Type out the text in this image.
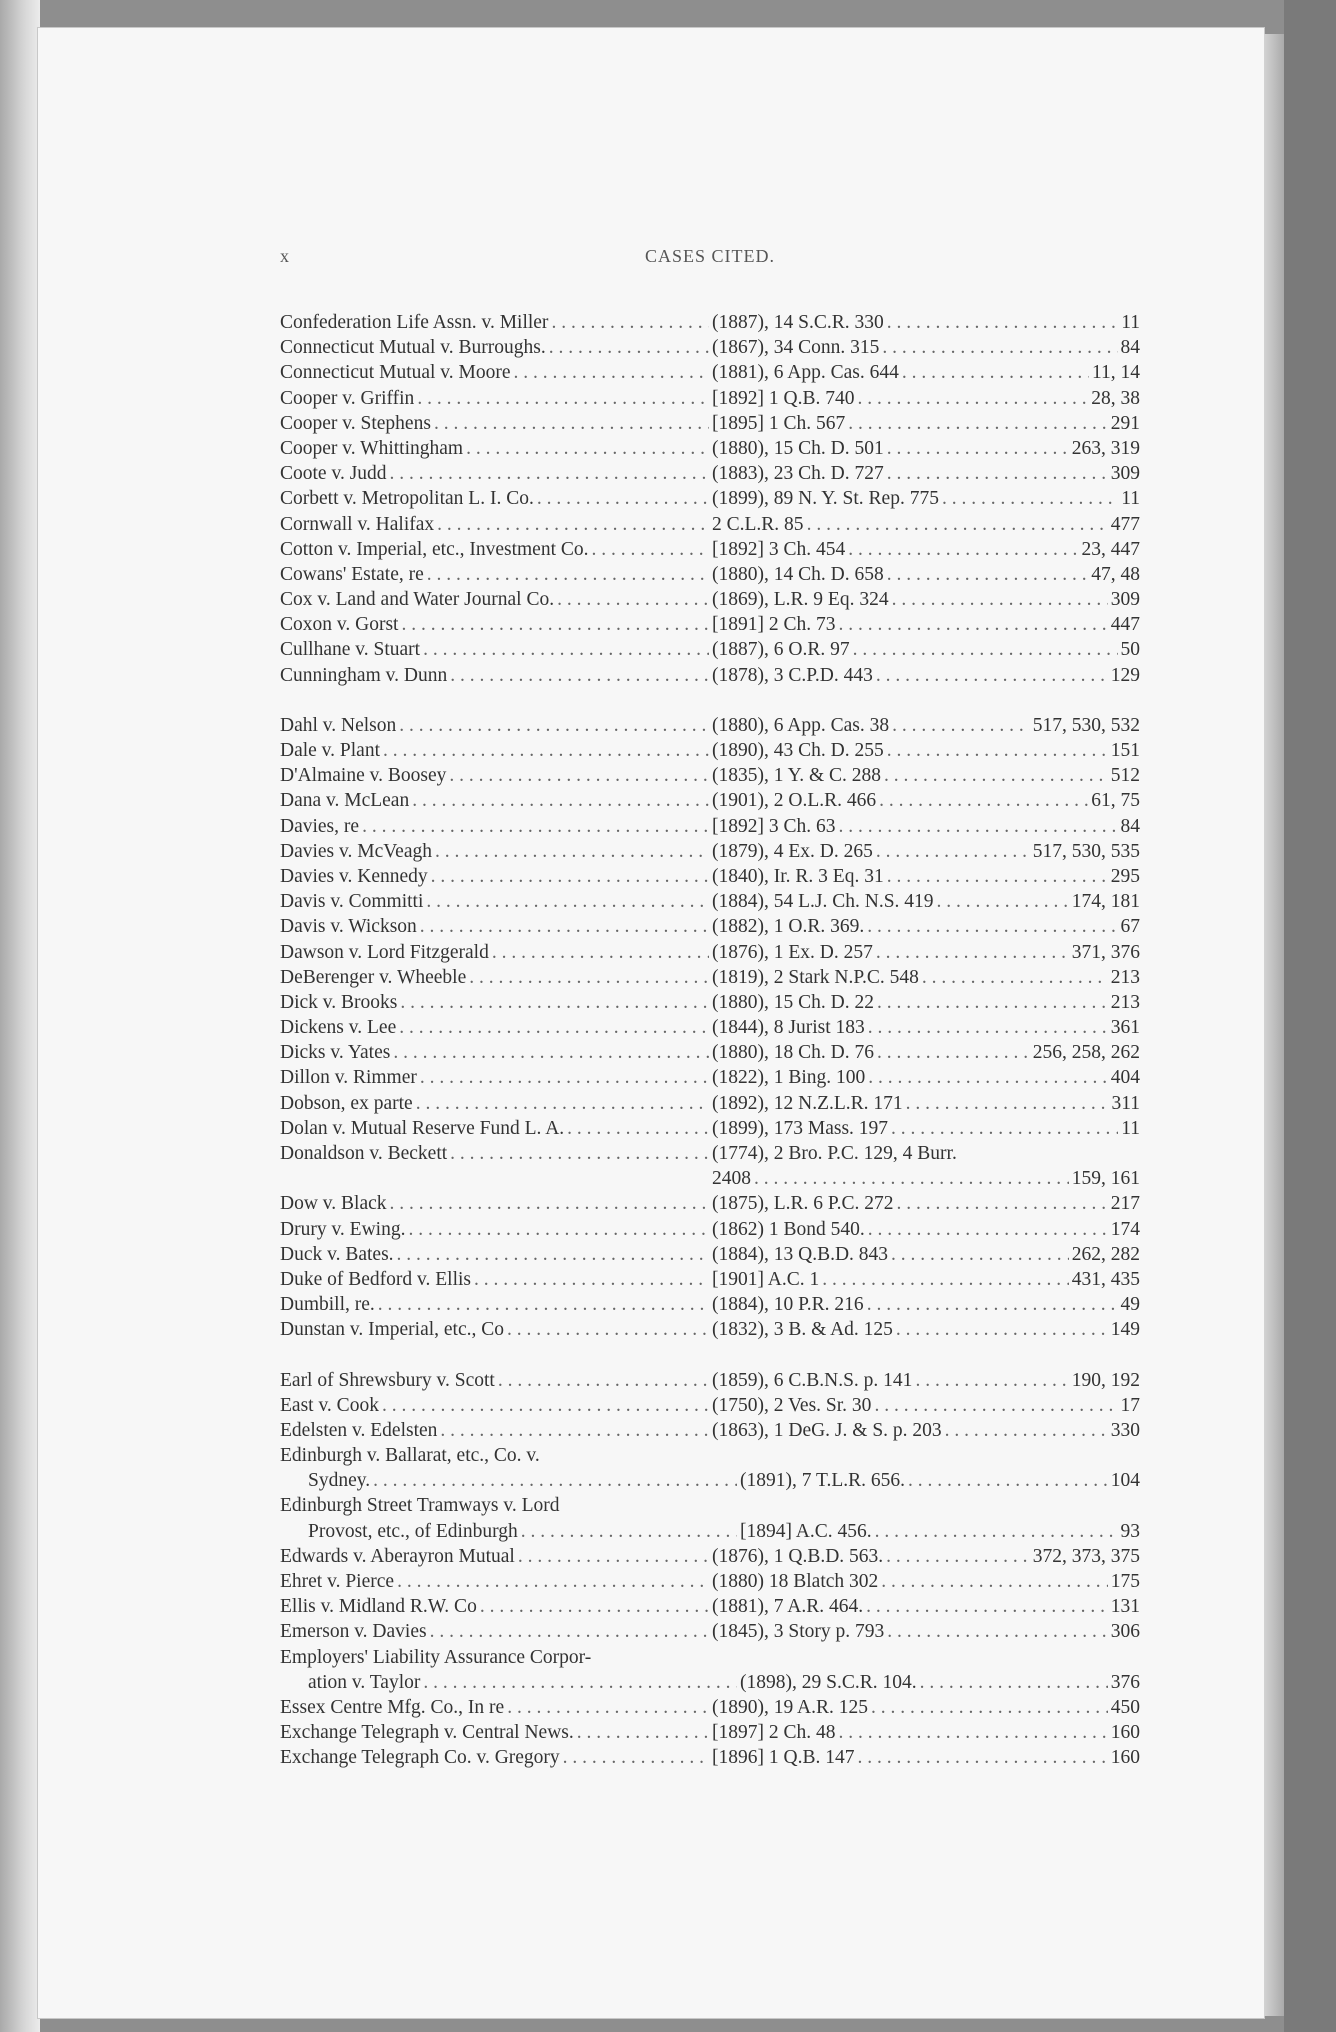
x	CASES CITED.
Confederation Life Assn. v. Miller . . .	(1887), 14 S.C.R. 330 . . .	11
Connecticut Mutual v. Burroughs. . . .	(1867), 34 Conn. 315 . . .	84
Connecticut Mutual v. Moore . . .	(1881), 6 App. Cas. 644 . . .	11, 14
Cooper v. Griffin . . .	[1892] 1 Q.B. 740 . . .	28, 38
Cooper v. Stephens . . .	[1895] 1 Ch. 567 . . .	291
Cooper v. Whittingham . . .	(1880), 15 Ch. D. 501 . . .	263, 319
Coote v. Judd . . .	(1883), 23 Ch. D. 727 . . .	309
Corbett v. Metropolitan L. I. Co. . . .	(1899), 89 N. Y. St. Rep. 775 . . .	11
Cornwall v. Halifax . . .	2 C.L.R. 85 . . .	477
Cotton v. Imperial, etc., Investment Co. . . .	[1892] 3 Ch. 454 . . .	23, 447
Cowans' Estate, re . . .	(1880), 14 Ch. D. 658 . . .	47, 48
Cox v. Land and Water Journal Co. . . .	(1869), L.R. 9 Eq. 324 . . .	309
Coxon v. Gorst . . .	[1891] 2 Ch. 73 . . .	447
Cullhane v. Stuart . . .	(1887), 6 O.R. 97 . . .	50
Cunningham v. Dunn . . .	(1878), 3 C.P.D. 443 . . .	129
Dahl v. Nelson . . .	(1880), 6 App. Cas. 38 . . .	517, 530, 532
Dale v. Plant . . .	(1890), 43 Ch. D. 255 . . .	151
D'Almaine v. Boosey . . .	(1835), 1 Y. & C. 288 . . .	512
Dana v. McLean . . .	(1901), 2 O.L.R. 466 . . .	61, 75
Davies, re . . .	[1892] 3 Ch. 63 . . .	84
Davies v. McVeagh . . .	(1879), 4 Ex. D. 265 . . .	517, 530, 535
Davies v. Kennedy . . .	(1840), Ir. R. 3 Eq. 31 . . .	295
Davis v. Committi . . .	(1884), 54 L.J. Ch. N.S. 419 . . .	174, 181
Davis v. Wickson . . .	(1882), 1 O.R. 369. . . .	67
Dawson v. Lord Fitzgerald . . .	(1876), 1 Ex. D. 257 . . .	371, 376
DeBerenger v. Wheeble . . .	(1819), 2 Stark N.P.C. 548 . . .	213
Dick v. Brooks . . .	(1880), 15 Ch. D. 22 . . .	213
Dickens v. Lee . . .	(1844), 8 Jurist 183 . . .	361
Dicks v. Yates . . .	(1880), 18 Ch. D. 76 . . .	256, 258, 262
Dillon v. Rimmer . . .	(1822), 1 Bing. 100 . . .	404
Dobson, ex parte . . .	(1892), 12 N.Z.L.R. 171 . . .	311
Dolan v. Mutual Reserve Fund L. A. . . .	(1899), 173 Mass. 197 . . .	11
Donaldson v. Beckett . . .	(1774), 2 Bro. P.C. 129, 4 Burr.
2408 . . .	159, 161
Dow v. Black . . .	(1875), L.R. 6 P.C. 272 . . .	217
Drury v. Ewing. . . .	(1862) 1 Bond 540. . . .	174
Duck v. Bates. . . .	(1884), 13 Q.B.D. 843 . . .	262, 282
Duke of Bedford v. Ellis . . .	[1901] A.C. 1 . . .	431, 435
Dumbill, re. . . .	(1884), 10 P.R. 216 . . .	49
Dunstan v. Imperial, etc., Co . . .	(1832), 3 B. & Ad. 125 . . .	149
Earl of Shrewsbury v. Scott . . .	(1859), 6 C.B.N.S. p. 141 . . .	190, 192
East v. Cook . . .	(1750), 2 Ves. Sr. 30 . . .	17
Edelsten v. Edelsten . . .	(1863), 1 DeG. J. & S. p. 203 . . .	330
Edinburgh v. Ballarat, etc., Co. v.
Sydney. . . .	(1891), 7 T.L.R. 656. . . .	104
Edinburgh Street Tramways v. Lord
Provost, etc., of Edinburgh . . .	[1894] A.C. 456. . . .	93
Edwards v. Aberayron Mutual . . .	(1876), 1 Q.B.D. 563. . . .	372, 373, 375
Ehret v. Pierce . . .	(1880) 18 Blatch 302 . . .	175
Ellis v. Midland R.W. Co . . .	(1881), 7 A.R. 464. . . .	131
Emerson v. Davies . . .	(1845), 3 Story p. 793 . . .	306
Employers' Liability Assurance Corpor-
ation v. Taylor . . .	(1898), 29 S.C.R. 104. . . .	376
Essex Centre Mfg. Co., In re . . .	(1890), 19 A.R. 125 . . .	450
Exchange Telegraph v. Central News. . . .	[1897] 2 Ch. 48 . . .	160
Exchange Telegraph Co. v. Gregory . . .	[1896] 1 Q.B. 147 . . .	160
